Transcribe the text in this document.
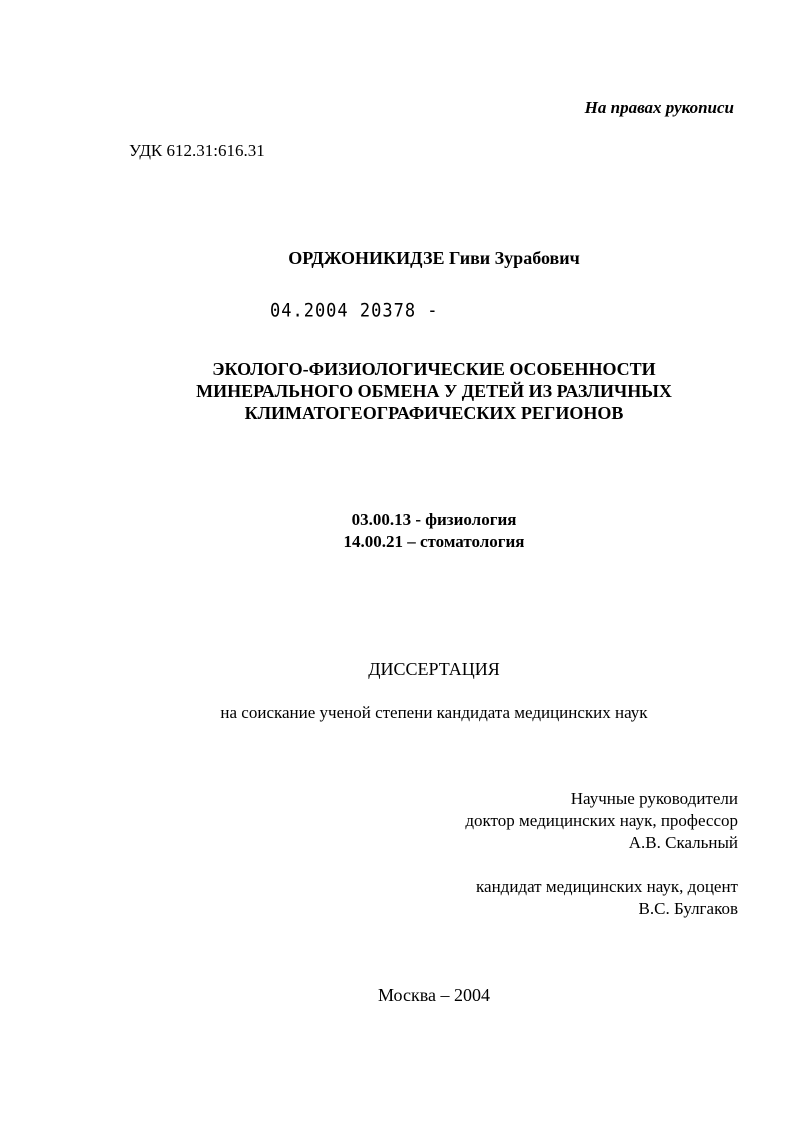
На правах рукописи

УДК 612.31:616.31

ОРДЖОНИКИДЗЕ Гиви Зурабович

04.2004 20378 -

ЭКОЛОГО-ФИЗИОЛОГИЧЕСКИЕ ОСОБЕННОСТИ
МИНЕРАЛЬНОГО ОБМЕНА У ДЕТЕЙ ИЗ РАЗЛИЧНЫХ
КЛИМАТОГЕОГРАФИЧЕСКИХ РЕГИОНОВ
03.00.13 - физиология
14.00.21 – стоматология

ДИССЕРТАЦИЯ

на соискание ученой степени кандидата медицинских наук

Научные руководители
доктор медицинских наук, профессор
А.В. Скальный
кандидат медицинских наук, доцент
В.С. Булгаков

Москва – 2004
